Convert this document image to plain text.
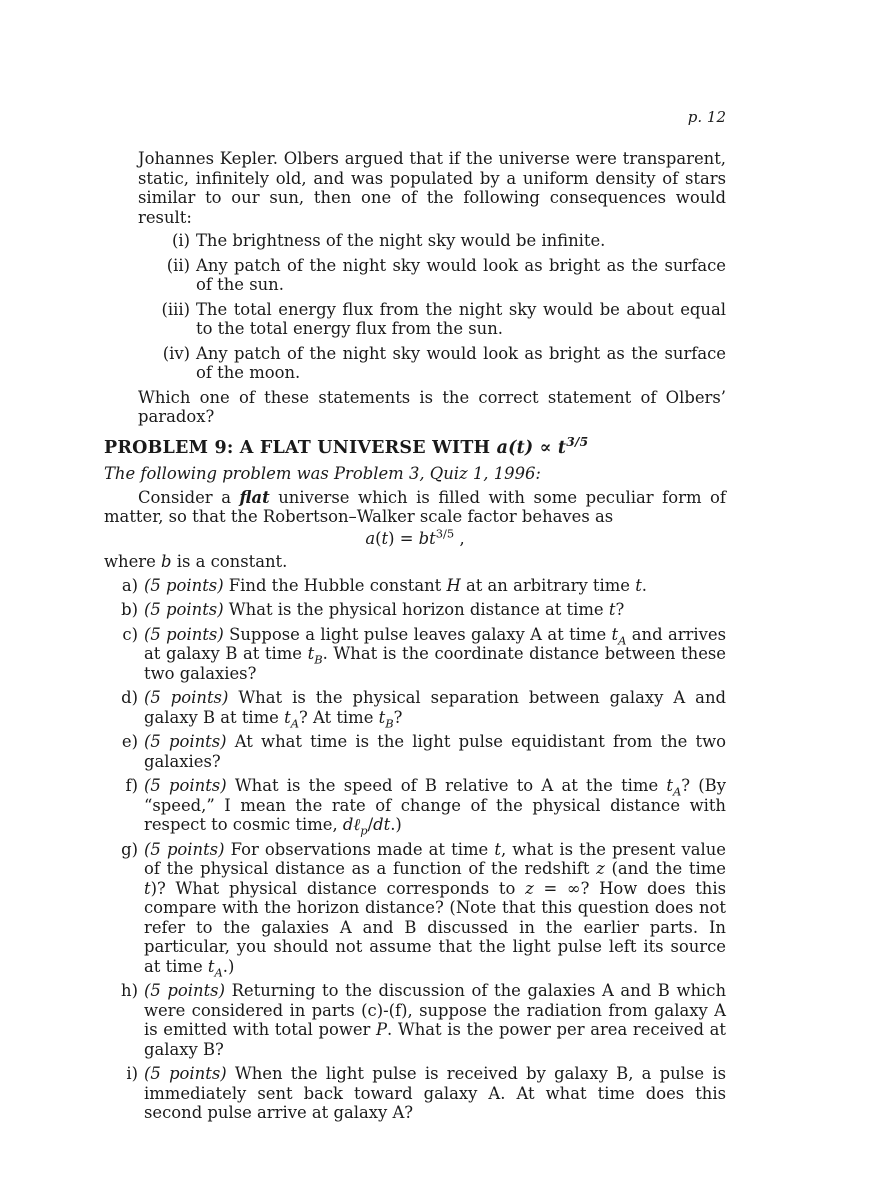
p. 12

Johannes Kepler. Olbers argued that if the universe were transparent, static, infinitely old, and was populated by a uniform density of stars similar to our sun, then one of the following consequences would result:

(i) The brightness of the night sky would be infinite.
(ii) Any patch of the night sky would look as bright as the surface of the sun.
(iii) The total energy flux from the night sky would be about equal to the total energy flux from the sun.
(iv) Any patch of the night sky would look as bright as the surface of the moon.

Which one of these statements is the correct statement of Olbers’ paradox?

PROBLEM 9: A FLAT UNIVERSE WITH $a(t) \propto t^{3/5}$

The following problem was Problem 3, Quiz 1, 1996:

Consider a flat universe which is filled with some peculiar form of matter, so that the Robertson–Walker scale factor behaves as

$a(t) = bt^{3/5}$ ,

where b is a constant.

a) (5 points) Find the Hubble constant H at an arbitrary time t.
b) (5 points) What is the physical horizon distance at time t?
c) (5 points) Suppose a light pulse leaves galaxy A at time $t_A$ and arrives at galaxy B at time $t_B$. What is the coordinate distance between these two galaxies?
d) (5 points) What is the physical separation between galaxy A and galaxy B at time $t_A$? At time $t_B$?
e) (5 points) At what time is the light pulse equidistant from the two galaxies?
f) (5 points) What is the speed of B relative to A at the time $t_A$? (By “speed,” I mean the rate of change of the physical distance with respect to cosmic time, dℓ$_p$/dt.)
g) (5 points) For observations made at time t, what is the present value of the physical distance as a function of the redshift z (and the time t)? What physical distance corresponds to z = ∞? How does this compare with the horizon distance? (Note that this question does not refer to the galaxies A and B discussed in the earlier parts. In particular, you should not assume that the light pulse left its source at time $t_A$.)
h) (5 points) Returning to the discussion of the galaxies A and B which were considered in parts (c)-(f), suppose the radiation from galaxy A is emitted with total power P. What is the power per area received at galaxy B?
i) (5 points) When the light pulse is received by galaxy B, a pulse is immediately sent back toward galaxy A. At what time does this second pulse arrive at galaxy A?
